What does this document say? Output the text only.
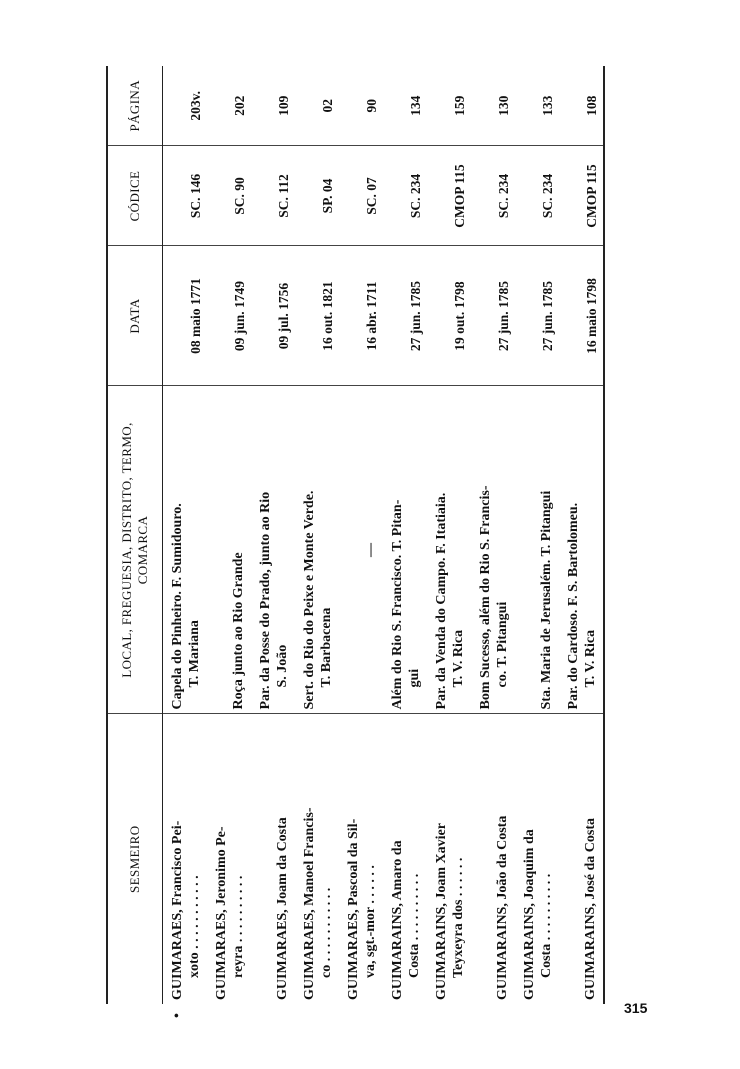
SESMEIRO	LOCAL, FREGUESIA, DISTRITO, TERMO, COMARCA	DATA	CÓDICE	PÁGINA

•
GUIMARAES, Francisco Pei- xoto . . . . . . . . . . .	Capela do Pinheiro. F. Sumidouro. T. Mariana	08 maio 1771	SC. 146	203v.
GUIMARAES, Jeronimo Pe- reyra . . . . . . . . . .	Roça junto ao Rio Grande	09 jun. 1749	SC. 90	202
GUIMARAES, Joam da Costa	Par. da Posse do Prado, junto ao Rio S. João	09 jul. 1756	SC. 112	109
GUIMARAES, Manoel Francis- co . . . . . . . . . . .	Sert. do Rio do Peixe e Monte Verde. T. Barbacena	16 out. 1821	SP. 04	02
GUIMARAES, Pascoal da Sil- va, sgt.-mor . . . . . .	—	16 abr. 1711	SC. 07	90
GUIMARAINS, Amaro da Costa . . . . . . . . . .	Além do Rio S. Francisco. T. Pitan- gui	27 jun. 1785	SC. 234	134
GUIMARAINS, Joam Xavier Teyxeyra dos . . . . . .	Par. da Venda do Campo. F. Itatiaia. T. V. Rica	19 out. 1798	CMOP 115	159
GUIMARAINS, João da Costa	Bom Sucesso, além do Rio S. Francis- co. T. Pitangui	27 jun. 1785	SC. 234	130
GUIMARAINS, Joaquim da Costa . . . . . . . . . .	Sta. Maria de Jerusalém. T. Pitangui	27 jun. 1785	SC. 234	133
GUIMARAINS, José da Costa	Par. do Cardoso. F. S. Bartolomeu. T. V. Rica	16 maio 1798	CMOP 115	108
315
